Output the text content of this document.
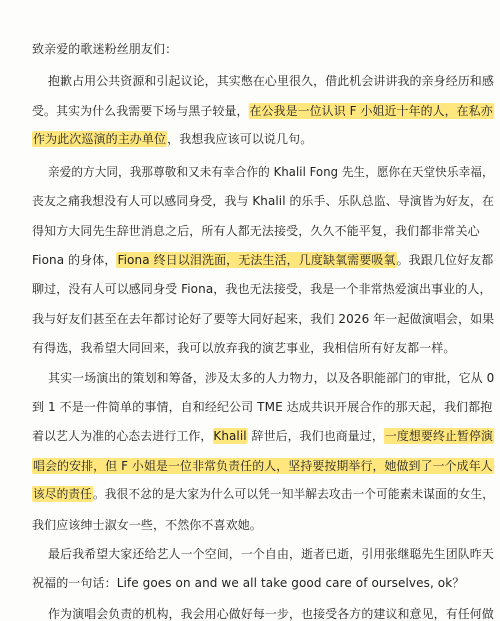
致亲爱的歌迷粉丝朋友们：
抱歉占用公共资源和引起议论，其实憋在心里很久，借此机会讲讲我的亲身经历和感
受。其实为什么我需要下场与黑子较量，在公我是一位认识 F 小姐近十年的人，在私亦
作为此次巡演的主办单位，我想我应该可以说几句。
亲爱的方大同，我那尊敬和又未有幸合作的 Khalil Fong 先生，愿你在天堂快乐幸福，
丧友之痛我想没有人可以感同身受，我与 Khalil 的乐手、乐队总监、导演皆为好友，在
得知方大同先生辞世消息之后，所有人都无法接受，久久不能平复，我们都非常关心
Fiona 的身体，Fiona 终日以泪洗面，无法生活，几度缺氧需要吸氧。我跟几位好友都
聊过，没有人可以感同身受 Fiona，我也无法接受，我是一个非常热爱演出事业的人，
我与好友们甚至在去年都讨论好了要等大同好起来，我们 2026 年一起做演唱会，如果
有得选，我希望大同回来，我可以放弃我的演艺事业，我相信所有好友都一样。
其实一场演出的策划和筹备，涉及太多的人力物力，以及各职能部门的审批，它从 0
到 1 不是一件简单的事情，自和经纪公司 TME 达成共识开展合作的那天起，我们都抱
着以艺人为准的心态去进行工作，Khalil 辞世后，我们也商量过，一度想要终止暂停演
唱会的安排，但 F 小姐是一位非常负责任的人，坚持要按期举行，她做到了一个成年人
该尽的责任。我很不忿的是大家为什么可以凭一知半解去攻击一个可能素未谋面的女生，
我们应该绅士淑女一些，不然你不喜欢她。
最后我希望大家还给艺人一个空间，一个自由，逝者已逝，引用张继聪先生团队昨天
祝福的一句话：Life goes on and we all take good care of ourselves, ok？
作为演唱会负责的机构，我会用心做好每一步，也接受各方的建议和意见，有任何做
